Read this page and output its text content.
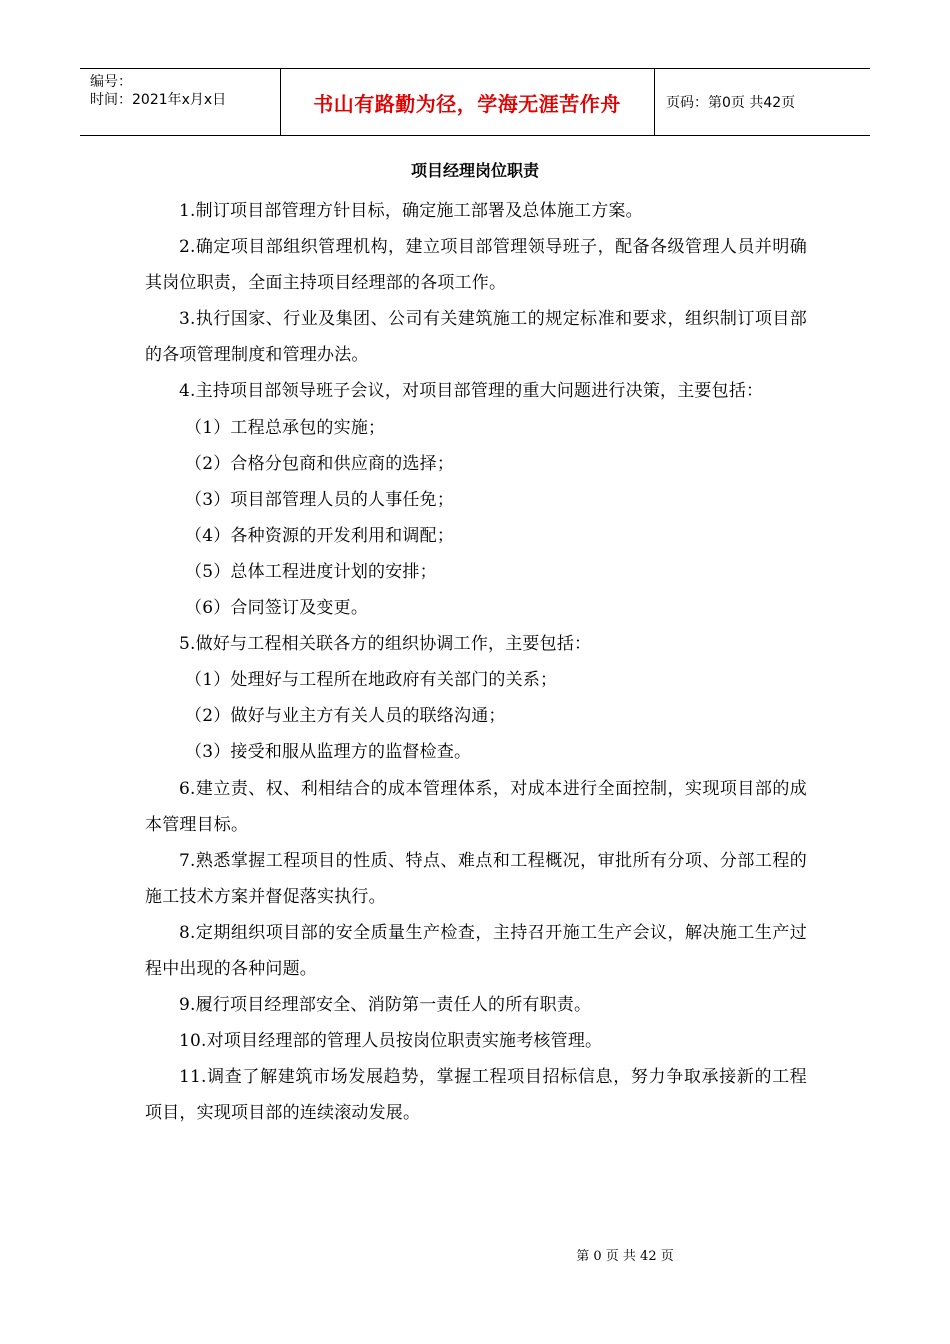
编号：
时间：2021年x月x日	书山有路勤为径，学海无涯苦作舟	页码：第0页 共42页
项目经理岗位职责

1.制订项目部管理方针目标，确定施工部署及总体施工方案。

2.确定项目部组织管理机构，建立项目部管理领导班子，配备各级管理人员并明确其岗位职责，全面主持项目经理部的各项工作。

3.执行国家、行业及集团、公司有关建筑施工的规定标准和要求，组织制订项目部的各项管理制度和管理办法。

4.主持项目部领导班子会议，对项目部管理的重大问题进行决策，主要包括：

（1）工程总承包的实施；

（2）合格分包商和供应商的选择；

（3）项目部管理人员的人事任免；

（4）各种资源的开发利用和调配；

（5）总体工程进度计划的安排；

（6）合同签订及变更。

5.做好与工程相关联各方的组织协调工作，主要包括：

（1）处理好与工程所在地政府有关部门的关系；

（2）做好与业主方有关人员的联络沟通；

（3）接受和服从监理方的监督检查。

6.建立责、权、利相结合的成本管理体系，对成本进行全面控制，实现项目部的成本管理目标。

7.熟悉掌握工程项目的性质、特点、难点和工程概况，审批所有分项、分部工程的施工技术方案并督促落实执行。

8.定期组织项目部的安全质量生产检查，主持召开施工生产会议，解决施工生产过程中出现的各种问题。

9.履行项目经理部安全、消防第一责任人的所有职责。

10.对项目经理部的管理人员按岗位职责实施考核管理。

11.调查了解建筑市场发展趋势，掌握工程项目招标信息，努力争取承接新的工程项目，实现项目部的连续滚动发展。

第 0 页 共 42 页
